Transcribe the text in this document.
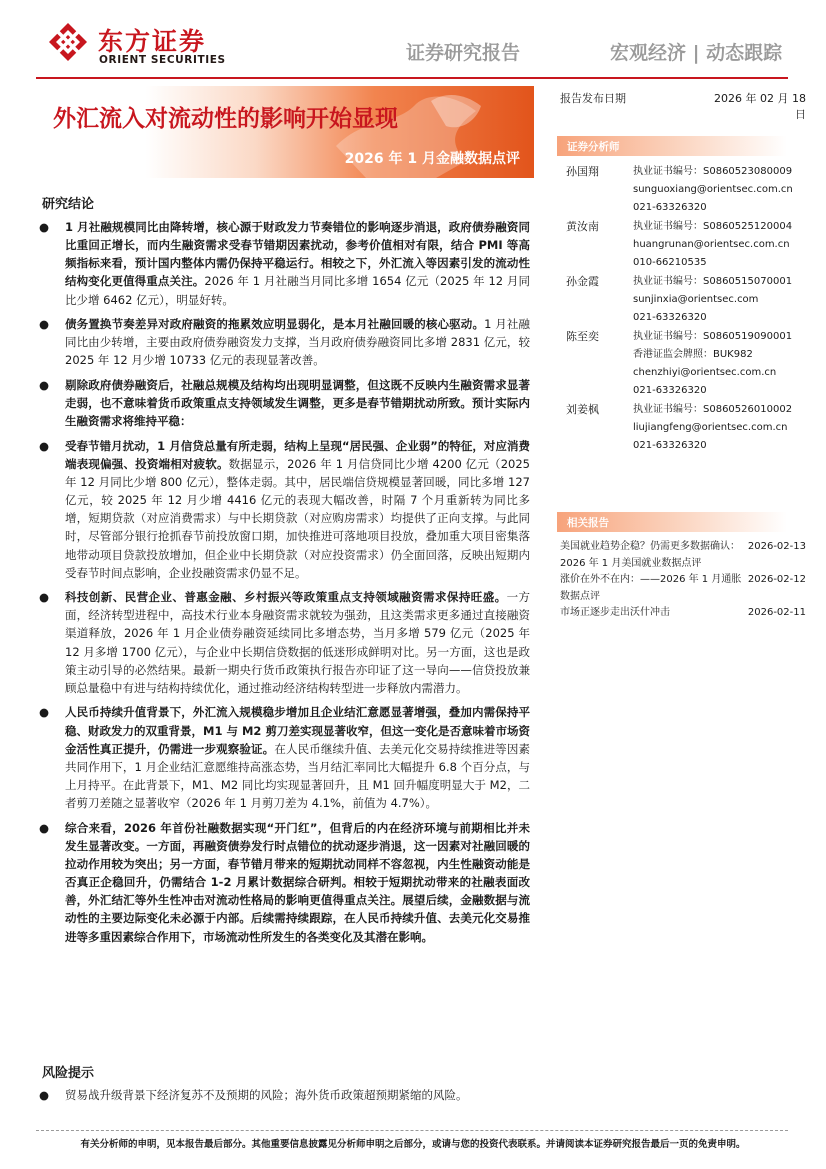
东方证券
ORIENT SECURITIES	证券研究报告	宏观经济 | 动态跟踪
外汇流入对流动性的影响开始显现
2026 年 1 月金融数据点评
研究结论
● 1 月社融规模同比由降转增，核心源于财政发力节奏错位的影响逐步消退，政府债券融资同比重回正增长，而内生融资需求受春节错期因素扰动，参考价值相对有限，结合 PMI 等高频指标来看，预计国内整体内需仍保持平稳运行。相较之下，外汇流入等因素引发的流动性结构变化更值得重点关注。2026 年 1 月社融当月同比多增 1654 亿元（2025 年 12 月同比少增 6462 亿元），明显好转。
● 债务置换节奏差异对政府融资的拖累效应明显弱化，是本月社融回暖的核心驱动。1 月社融同比由少转增，主要由政府债券融资发力支撑，当月政府债券融资同比多增 2831 亿元，较 2025 年 12 月少增 10733 亿元的表现显著改善。
● 剔除政府债券融资后，社融总规模及结构均出现明显调整，但这既不反映内生融资需求显著走弱，也不意味着货币政策重点支持领域发生调整，更多是春节错期扰动所致。预计实际内生融资需求将维持平稳：
● 受春节错月扰动，1 月信贷总量有所走弱，结构上呈现“居民强、企业弱”的特征，对应消费端表现偏强、投资端相对疲软。数据显示，2026 年 1 月信贷同比少增 4200 亿元（2025 年 12 月同比少增 800 亿元），整体走弱。其中，居民端信贷规模显著回暖，同比多增 127 亿元，较 2025 年 12 月少增 4416 亿元的表现大幅改善，时隔 7 个月重新转为同比多增，短期贷款（对应消费需求）与中长期贷款（对应购房需求）均提供了正向支撑。与此同时，尽管部分银行抢抓春节前投放窗口期，加快推进可落地项目投放，叠加重大项目密集落地带动项目贷款投放增加，但企业中长期贷款（对应投资需求）仍全面回落，反映出短期内受春节时间点影响，企业投融资需求仍显不足。
● 科技创新、民营企业、普惠金融、乡村振兴等政策重点支持领域融资需求保持旺盛。一方面，经济转型进程中，高技术行业本身融资需求就较为强劲，且这类需求更多通过直接融资渠道释放，2026 年 1 月企业债券融资延续同比多增态势，当月多增 579 亿元（2025 年 12 月多增 1700 亿元），与企业中长期信贷数据的低迷形成鲜明对比。另一方面，这也是政策主动引导的必然结果。最新一期央行货币政策执行报告亦印证了这一导向——信贷投放兼顾总量稳中有进与结构持续优化，通过推动经济结构转型进一步释放内需潜力。
● 人民币持续升值背景下，外汇流入规模稳步增加且企业结汇意愿显著增强，叠加内需保持平稳、财政发力的双重背景，M1 与 M2 剪刀差实现显著收窄，但这一变化是否意味着市场资金活性真正提升，仍需进一步观察验证。在人民币继续升值、去美元化交易持续推进等因素共同作用下，1 月企业结汇意愿维持高涨态势，当月结汇率同比大幅提升 6.8 个百分点，与上月持平。在此背景下，M1、M2 同比均实现显著回升，且 M1 回升幅度明显大于 M2，二者剪刀差随之显著收窄（2026 年 1 月剪刀差为 4.1%，前值为 4.7%）。
● 综合来看，2026 年首份社融数据实现“开门红”，但背后的内在经济环境与前期相比并未发生显著改变。一方面，再融资债券发行时点错位的扰动逐步消退，这一因素对社融回暖的拉动作用较为突出；另一方面，春节错月带来的短期扰动同样不容忽视，内生性融资动能是否真正企稳回升，仍需结合 1-2 月累计数据综合研判。相较于短期扰动带来的社融表面改善，外汇结汇等外生性冲击对流动性格局的影响更值得重点关注。展望后续，金融数据与流动性的主要边际变化未必源于内部。后续需持续跟踪，在人民币持续升值、去美元化交易推进等多重因素综合作用下，市场流动性所发生的各类变化及其潜在影响。
风险提示
● 贸易战升级背景下经济复苏不及预期的风险；海外货币政策超预期紧缩的风险。
报告发布日期	2026 年 02 月 18 日
证券分析师
孙国翔	执业证书编号：S0860523080009
sunguoxiang@orientsec.com.cn
021-63326320
黄汝南	执业证书编号：S0860525120004
huangrunan@orientsec.com.cn
010-66210535
孙金霞	执业证书编号：S0860515070001
sunjinxia@orientsec.com
021-63326320
陈至奕	执业证书编号：S0860519090001
香港证监会牌照：BUK982
chenzhiyi@orientsec.com.cn
021-63326320
刘姜枫	执业证书编号：S0860526010002
liujiangfeng@orientsec.com.cn
021-63326320
相关报告
美国就业趋势企稳？仍需更多数据确认：2026 年 1 月美国就业数据点评
2026-02-13
涨价在外不在内：——2026 年 1 月通胀数据点评
2026-02-12
市场正逐步走出沃什冲击	2026-02-11
有关分析师的申明，见本报告最后部分。其他重要信息披露见分析师申明之后部分，或请与您的投资代表联系。并请阅读本证券研究报告最后一页的免责申明。
